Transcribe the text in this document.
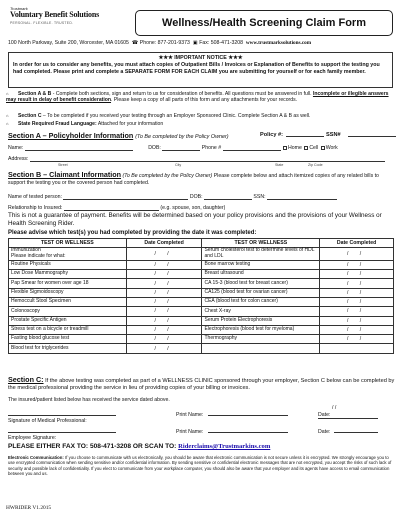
Trustmark
Voluntary Benefit Solutions
PERSONAL. FLEXIBLE. TRUSTED.	Wellness/Health Screening Claim Form
100 North Parkway, Suite 200, Worcester, MA 01605 ☎ Phone: 877-201-9373 ▣ Fax: 508-471-3208 www.trustmarksolutions.com
★★★ IMPORTANT NOTICE ★★★
In order for us to consider any benefits, you must attach copies of Outpatient Bills / Invoices or Explanation of Benefits to support the testing you had completed. Please print and complete a SEPARATE FORM FOR EACH CLAIM you are submitting for yourself or for each family member.
⌂ Section A & B - Complete both sections, sign and return to us for consideration of benefits. All questions must be answered in full. Incomplete or illegible answers may result in delay of benefit consideration. Please keep a copy of all parts of this form and any attachments for your records.
⌂ Section C – To be completed if you received your testing through an Employer Sponsored Clinic. Complete Section A & B as well.
⌂ State Required Fraud Language: Attached for your information
Section A – Policyholder Information (To Be completed by the Policy Owner)	Policy #:	SSN#
Name:	DOB:	Phone #	Home Cell Work
Address:
Street	City	State	Zip Code
Section B – Claimant Information (To Be completed by the Policy Owner) Please complete below and attach itemized copies of any related bills to support the testing you or the covered person had completed.
Name of tested person:	DOB:	SSN:
Relationship to Insured:	(e.g. spouse, son, daughter)
This is not a guarantee of payment. Benefits will be determined based on your policy provisions and the provisions of your Wellness or Health Screening Rider.
Please advise which test(s) you had completed by providing the date it was completed:
TEST OR WELLNESS	Date Completed	TEST OR WELLNESS	Date Completed
Immunization
Please indicate for what:	/ /	Serum cholesterol test to determine levels of HDL and LDL	/ /
Routine Physicals	/ /	Bone marrow testing	/ /
Low Dose Mammography	/ /	Breast ultrasound	/ /
Pap Smear for women over age 18	/ /	CA 15-3 (blood test for breast cancer)	/ /
Flexible Sigmoidoscopy	/ /	CA125 (blood test for ovarian cancer)	/ /
Hemoccult Stool Specimen	/ /	CEA (blood test for colon cancer)	/ /
Colonoscopy	/ /	Chest X-ray	/ /
Prostate Specific Antigen	/ /	Serum Protein Electrophoresis	/ /
Stress test on a bicycle or treadmill	/ /	Electrophoresis (blood test for myeloma)	/ /
Fasting blood glucose test	/ /	Thermography	/ /
Blood test for triglycerides	/ /		
Section C: If the above testing was completed as part of a WELLNESS CLINIC sponsored through your employer, Section C below can be completed by the medical professional providing the service in lieu of providing copies of your billing or invoices.
The insured/patient listed below has received the service dated above.
Signature of Medical Professional:
Print Name:	Date:
/ /
Employee Signature:
Print Name:	Date:
PLEASE EITHER FAX TO: 508-471-3208 OR SCAN TO: Riderclaims@Trustmarkins.com
Electronic Communication: If you choose to communicate with us electronically, you should be aware that electronic communication is not secure unless it is encrypted. We strongly encourage you to use encrypted communication when sending sensitive and/or confidential information. By sending sensitive or confidential electronic messages that are not encrypted, you accept the risks of such lack of security and possible lack of confidentiality. If you elect to communicate from your workplace computer, you should also be aware that your employer and its agents have access to email communication between you and us.
HWRIDER V1.2015
